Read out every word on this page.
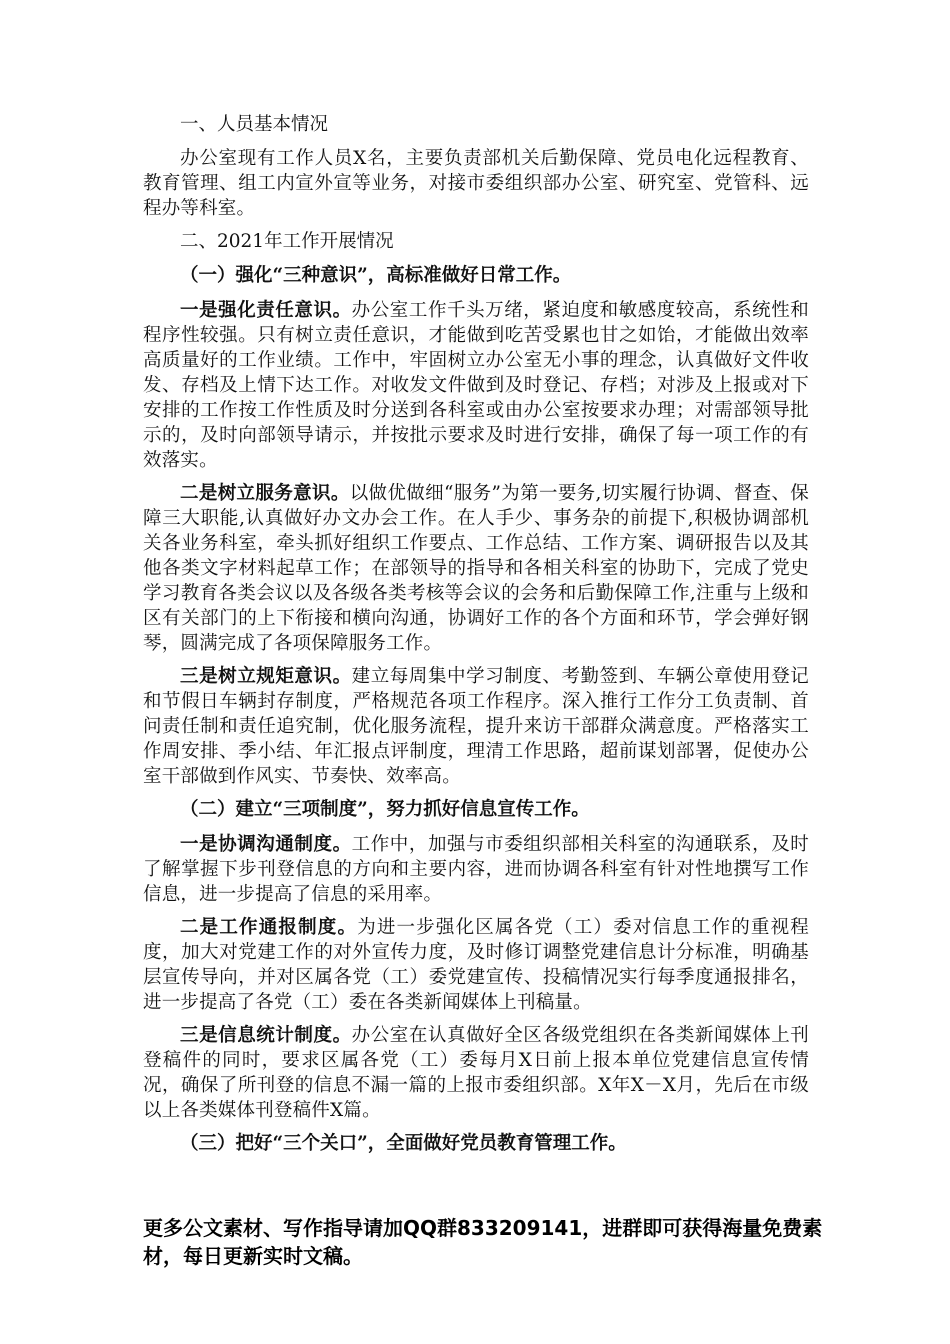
一、人员基本情况

办公室现有工作人员X名，主要负责部机关后勤保障、党员电化远程教育、教育管理、组工内宣外宣等业务，对接市委组织部办公室、研究室、党管科、远程办等科室。

二、2021年工作开展情况

（一）强化“三种意识”，高标准做好日常工作。

一是强化责任意识。办公室工作千头万绪，紧迫度和敏感度较高，系统性和程序性较强。只有树立责任意识，才能做到吃苦受累也甘之如饴，才能做出效率高质量好的工作业绩。工作中，牢固树立办公室无小事的理念，认真做好文件收发、存档及上情下达工作。对收发文件做到及时登记、存档；对涉及上报或对下安排的工作按工作性质及时分送到各科室或由办公室按要求办理；对需部领导批示的，及时向部领导请示，并按批示要求及时进行安排，确保了每一项工作的有效落实。

二是树立服务意识。以做优做细“服务”为第一要务,切实履行协调、督查、保障三大职能,认真做好办文办会工作。在人手少、事务杂的前提下,积极协调部机关各业务科室，牵头抓好组织工作要点、工作总结、工作方案、调研报告以及其他各类文字材料起草工作；在部领导的指导和各相关科室的协助下，完成了党史学习教育各类会议以及各级各类考核等会议的会务和后勤保障工作,注重与上级和区有关部门的上下衔接和横向沟通，协调好工作的各个方面和环节，学会弹好钢琴，圆满完成了各项保障服务工作。

三是树立规矩意识。建立每周集中学习制度、考勤签到、车辆公章使用登记和节假日车辆封存制度，严格规范各项工作程序。深入推行工作分工负责制、首问责任制和责任追究制，优化服务流程，提升来访干部群众满意度。严格落实工作周安排、季小结、年汇报点评制度，理清工作思路，超前谋划部署，促使办公室干部做到作风实、节奏快、效率高。

（二）建立“三项制度”，努力抓好信息宣传工作。

一是协调沟通制度。工作中，加强与市委组织部相关科室的沟通联系，及时了解掌握下步刊登信息的方向和主要内容，进而协调各科室有针对性地撰写工作信息，进一步提高了信息的采用率。

二是工作通报制度。为进一步强化区属各党（工）委对信息工作的重视程度，加大对党建工作的对外宣传力度，及时修订调整党建信息计分标准，明确基层宣传导向，并对区属各党（工）委党建宣传、投稿情况实行每季度通报排名，进一步提高了各党（工）委在各类新闻媒体上刊稿量。

三是信息统计制度。办公室在认真做好全区各级党组织在各类新闻媒体上刊登稿件的同时，要求区属各党（工）委每月X日前上报本单位党建信息宣传情况，确保了所刊登的信息不漏一篇的上报市委组织部。X年X－X月，先后在市级以上各类媒体刊登稿件X篇。

（三）把好“三个关口”，全面做好党员教育管理工作。

更多公文素材、写作指导请加QQ群833209141，进群即可获得海量免费素材，每日更新实时文稿。
